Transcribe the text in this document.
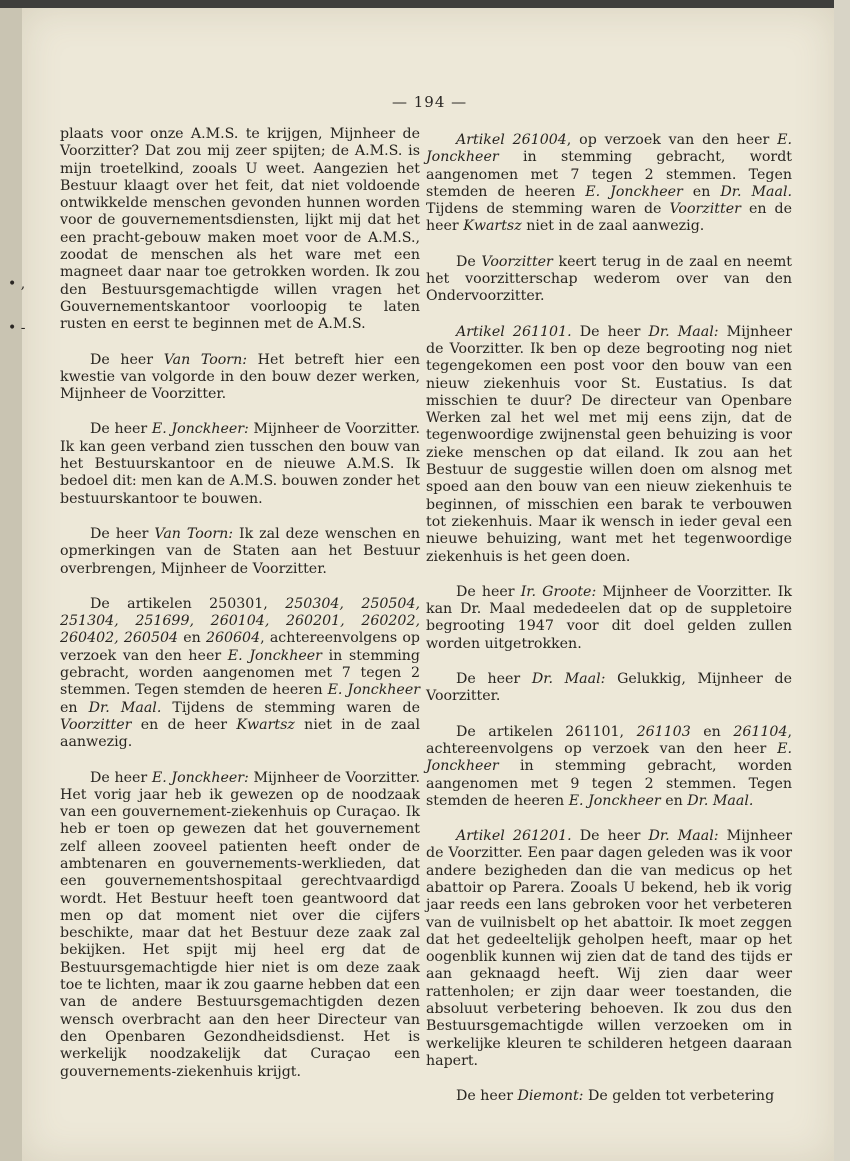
— 194 —
• ,
• -

plaats voor onze A.M.S. te krijgen, Mijnheer de Voorzitter? Dat zou mij zeer spijten; de A.M.S. is mijn troetelkind, zooals U weet. Aangezien het Bestuur klaagt over het feit, dat niet voldoende ontwikkelde menschen gevonden hunnen worden voor de gouvernementsdiensten, lijkt mij dat het een pracht-gebouw maken moet voor de A.M.S., zoodat de menschen als het ware met een magneet daar naar toe getrokken worden. Ik zou den Bestuursgemachtigde willen vragen het Gouvernementskantoor voorloopig te laten rusten en eerst te beginnen met de A.M.S.

De heer Van Toorn: Het betreft hier een kwestie van volgorde in den bouw dezer werken, Mijnheer de Voorzitter.

De heer E. Jonckheer: Mijnheer de Voorzitter. Ik kan geen verband zien tusschen den bouw van het Bestuurskantoor en de nieuwe A.M.S. Ik bedoel dit: men kan de A.M.S. bouwen zonder het bestuurskantoor te bouwen.

De heer Van Toorn: Ik zal deze wenschen en opmerkingen van de Staten aan het Bestuur overbrengen, Mijnheer de Voorzitter.

De artikelen 250301, 250304, 250504, 251304, 251699, 260104, 260201, 260202, 260402, 260504 en 260604, achtereenvolgens op verzoek van den heer E. Jonckheer in stemming gebracht, worden aangenomen met 7 tegen 2 stemmen. Tegen stemden de heeren E. Jonckheer en Dr. Maal. Tijdens de stemming waren de Voorzitter en de heer Kwartsz niet in de zaal aanwezig.

De heer E. Jonckheer: Mijnheer de Voorzitter. Het vorig jaar heb ik gewezen op de noodzaak van een gouvernement-ziekenhuis op Curaçao. Ik heb er toen op gewezen dat het gouvernement zelf alleen zooveel patienten heeft onder de ambtenaren en gouvernements-werklieden, dat een gouvernementshospitaal gerechtvaardigd wordt. Het Bestuur heeft toen geantwoord dat men op dat moment niet over die cijfers beschikte, maar dat het Bestuur deze zaak zal bekijken. Het spijt mij heel erg dat de Bestuursgemachtigde hier niet is om deze zaak toe te lichten, maar ik zou gaarne hebben dat een van de andere Bestuursgemachtigden dezen wensch overbracht aan den heer Directeur van den Openbaren Gezondheidsdienst. Het is werkelijk noodzakelijk dat Curaçao een gouvernements-ziekenhuis krijgt.

Artikel 261004, op verzoek van den heer E. Jonckheer in stemming gebracht, wordt aangenomen met 7 tegen 2 stemmen. Tegen stemden de heeren E. Jonckheer en Dr. Maal. Tijdens de stemming waren de Voorzitter en de heer Kwartsz niet in de zaal aanwezig.

De Voorzitter keert terug in de zaal en neemt het voorzitterschap wederom over van den Ondervoorzitter.

Artikel 261101. De heer Dr. Maal: Mijnheer de Voorzitter. Ik ben op deze begrooting nog niet tegengekomen een post voor den bouw van een nieuw ziekenhuis voor St. Eustatius. Is dat misschien te duur? De directeur van Openbare Werken zal het wel met mij eens zijn, dat de tegenwoordige zwijnenstal geen behuizing is voor zieke menschen op dat eiland. Ik zou aan het Bestuur de suggestie willen doen om alsnog met spoed aan den bouw van een nieuw ziekenhuis te beginnen, of misschien een barak te verbouwen tot ziekenhuis. Maar ik wensch in ieder geval een nieuwe behuizing, want met het tegenwoordige ziekenhuis is het geen doen.

De heer Ir. Groote: Mijnheer de Voorzitter. Ik kan Dr. Maal mededeelen dat op de suppletoire begrooting 1947 voor dit doel gelden zullen worden uitgetrokken.

De heer Dr. Maal: Gelukkig, Mijnheer de Voorzitter.

De artikelen 261101, 261103 en 261104, achtereenvolgens op verzoek van den heer E. Jonckheer in stemming gebracht, worden aangenomen met 9 tegen 2 stemmen. Tegen stemden de heeren E. Jonckheer en Dr. Maal.

Artikel 261201. De heer Dr. Maal: Mijnheer de Voorzitter. Een paar dagen geleden was ik voor andere bezigheden dan die van medicus op het abattoir op Parera. Zooals U bekend, heb ik vorig jaar reeds een lans gebroken voor het verbeteren van de vuilnisbelt op het abattoir. Ik moet zeggen dat het gedeeltelijk geholpen heeft, maar op het oogenblik kunnen wij zien dat de tand des tijds er aan geknaagd heeft. Wij zien daar weer rattenholen; er zijn daar weer toestanden, die absoluut verbetering behoeven. Ik zou dus den Bestuursgemachtigde willen verzoeken om in werkelijke kleuren te schilderen hetgeen daaraan hapert.

De heer Diemont: De gelden tot verbetering
